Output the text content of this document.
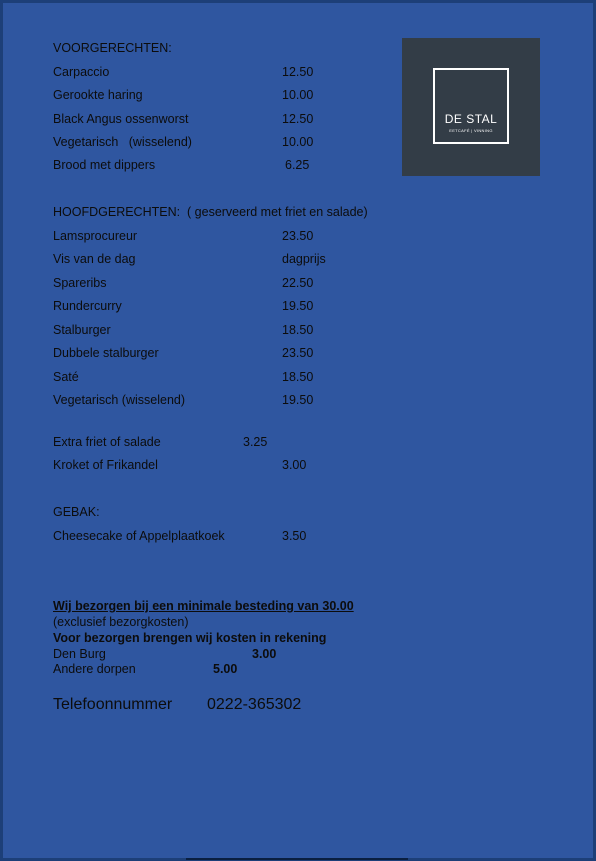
VOORGERECHTEN:
Carpaccio	12.50
Gerookte haring	10.00
Black Angus ossenworst	12.50
Vegetarisch   (wisselend)	10.00
Brood met dippers	6.25
DE STAL
EETCAFÉ | VINNING
HOOFDGERECHTEN:  ( geserveerd met friet en salade)
Lamsprocureur	23.50
Vis van de dag	dagprijs
Spareribs	22.50
Rundercurry	19.50
Stalburger	18.50
Dubbele stalburger	23.50
Saté	18.50
Vegetarisch (wisselend)	19.50
Extra friet of salade	3.25
Kroket of Frikandel	3.00
GEBAK:
Cheesecake of Appelplaatkoek	3.50
Wij bezorgen bij een minimale besteding van 30.00
(exclusief bezorgkosten)
Voor bezorgen brengen wij kosten in rekening
Den Burg	3.00
Andere dorpen	5.00
Telefoonnummer 0222-365302
